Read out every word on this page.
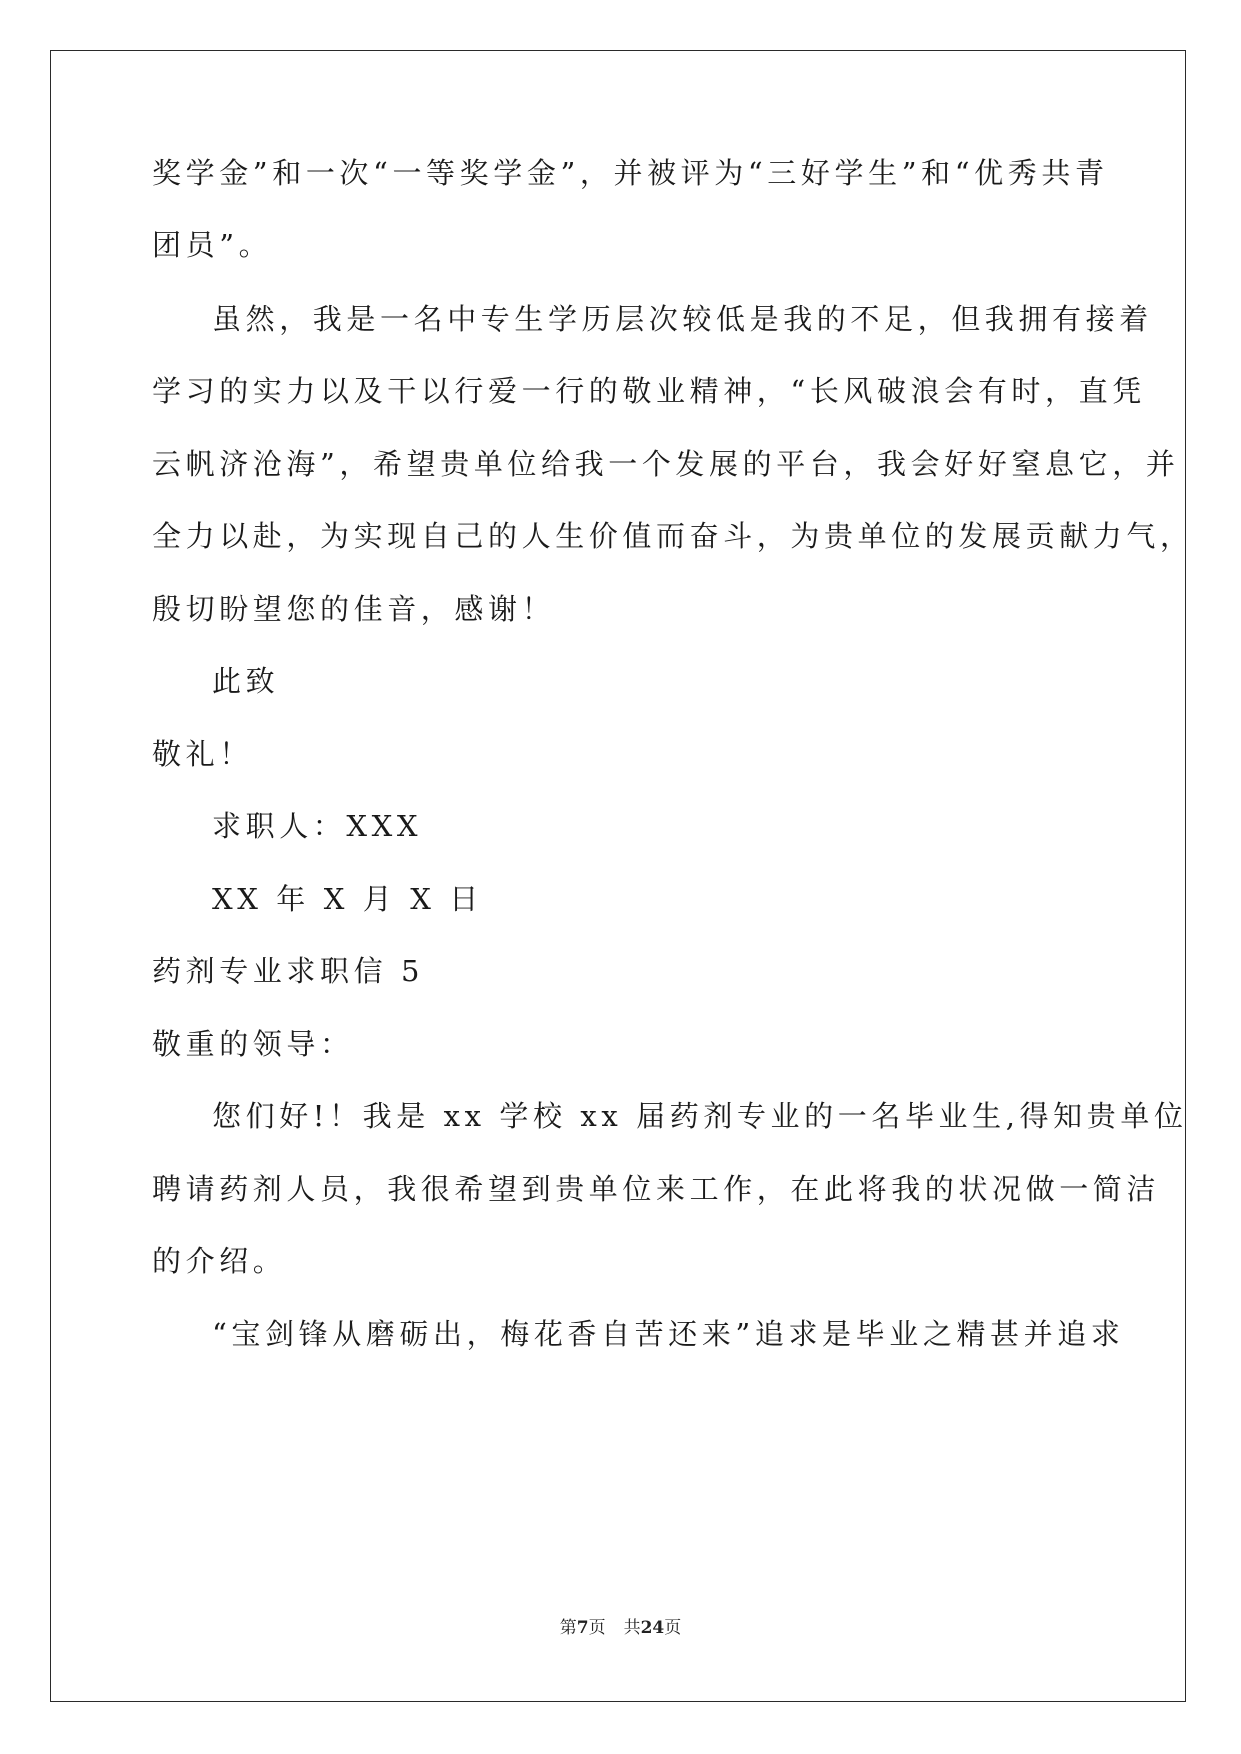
奖学金”和一次“一等奖学金”，并被评为“三好学生”和“优秀共青
团员”。
虽然，我是一名中专生学历层次较低是我的不足，但我拥有接着
学习的实力以及干以行爱一行的敬业精神，“长风破浪会有时，直凭
云帆济沧海”，希望贵单位给我一个发展的平台，我会好好窒息它，并
全力以赴，为实现自己的人生价值而奋斗，为贵单位的发展贡献力气，
殷切盼望您的佳音，感谢！
此致
敬礼！
求职人：XXX
XX 年 X 月 X 日
药剂专业求职信 5
敬重的领导：
您们好!！我是 xx 学校 xx 届药剂专业的一名毕业生,得知贵单位
聘请药剂人员，我很希望到贵单位来工作，在此将我的状况做一简洁
的介绍。
“宝剑锋从磨砺出，梅花香自苦还来”追求是毕业之精甚并追求
第7页 共24页
